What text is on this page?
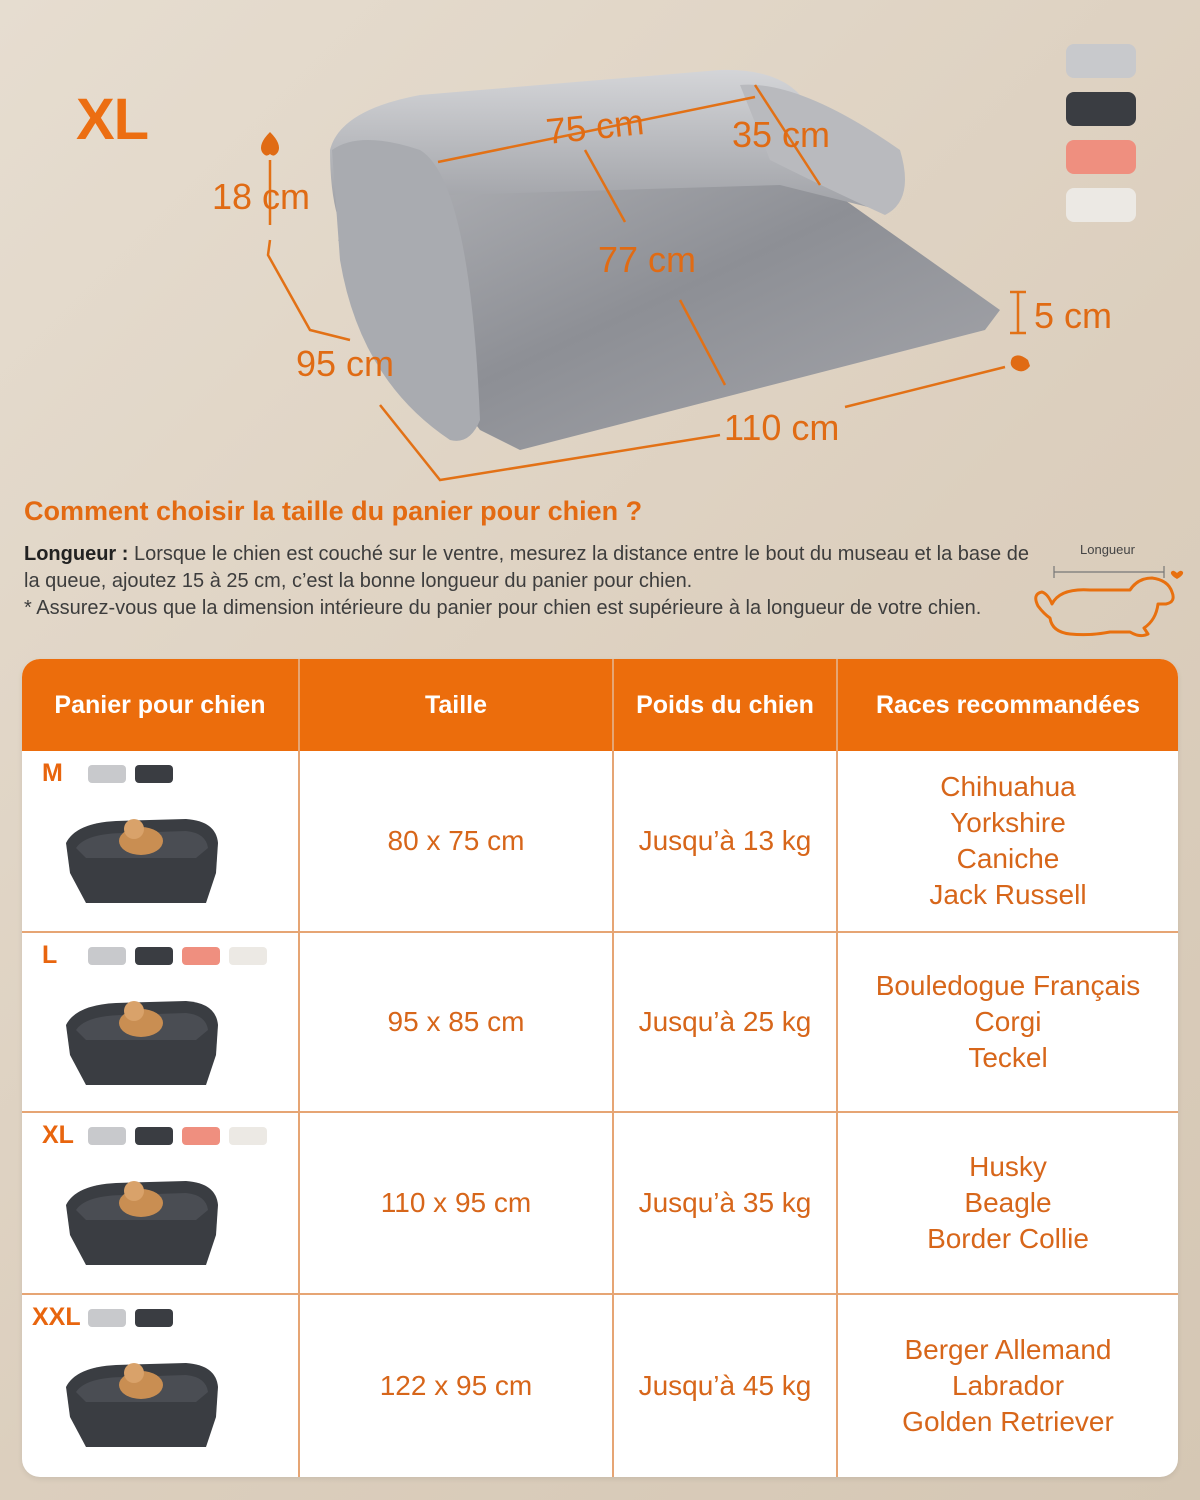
XL
18 cm
95 cm
110 cm
75 cm 35 cm
77 cm
5 cm
Comment choisir la taille du panier pour chien ?
Longueur : Lorsque le chien est couché sur le ventre, mesurez la distance entre le bout du museau et la base de la queue, ajoutez 15 à 25 cm, c’est la bonne longueur du panier pour chien.
* Assurez-vous que la dimension intérieure du panier pour chien est supérieure à la longueur de votre chien.
Longueur
Panier pour chien	Taille	Poids du chien	Races recommandées
M
80 x 75 cm	Jusqu’à 13 kg
Chihuahua
Yorkshire
Caniche
Jack Russell
L
95 x 85 cm	Jusqu’à 25 kg
Bouledogue Français
Corgi
Teckel
XL
110 x 95 cm	Jusqu’à 35 kg
Husky
Beagle
Border Collie
XXL
122 x 95 cm	Jusqu’à 45 kg
Berger Allemand
Labrador
Golden Retriever
